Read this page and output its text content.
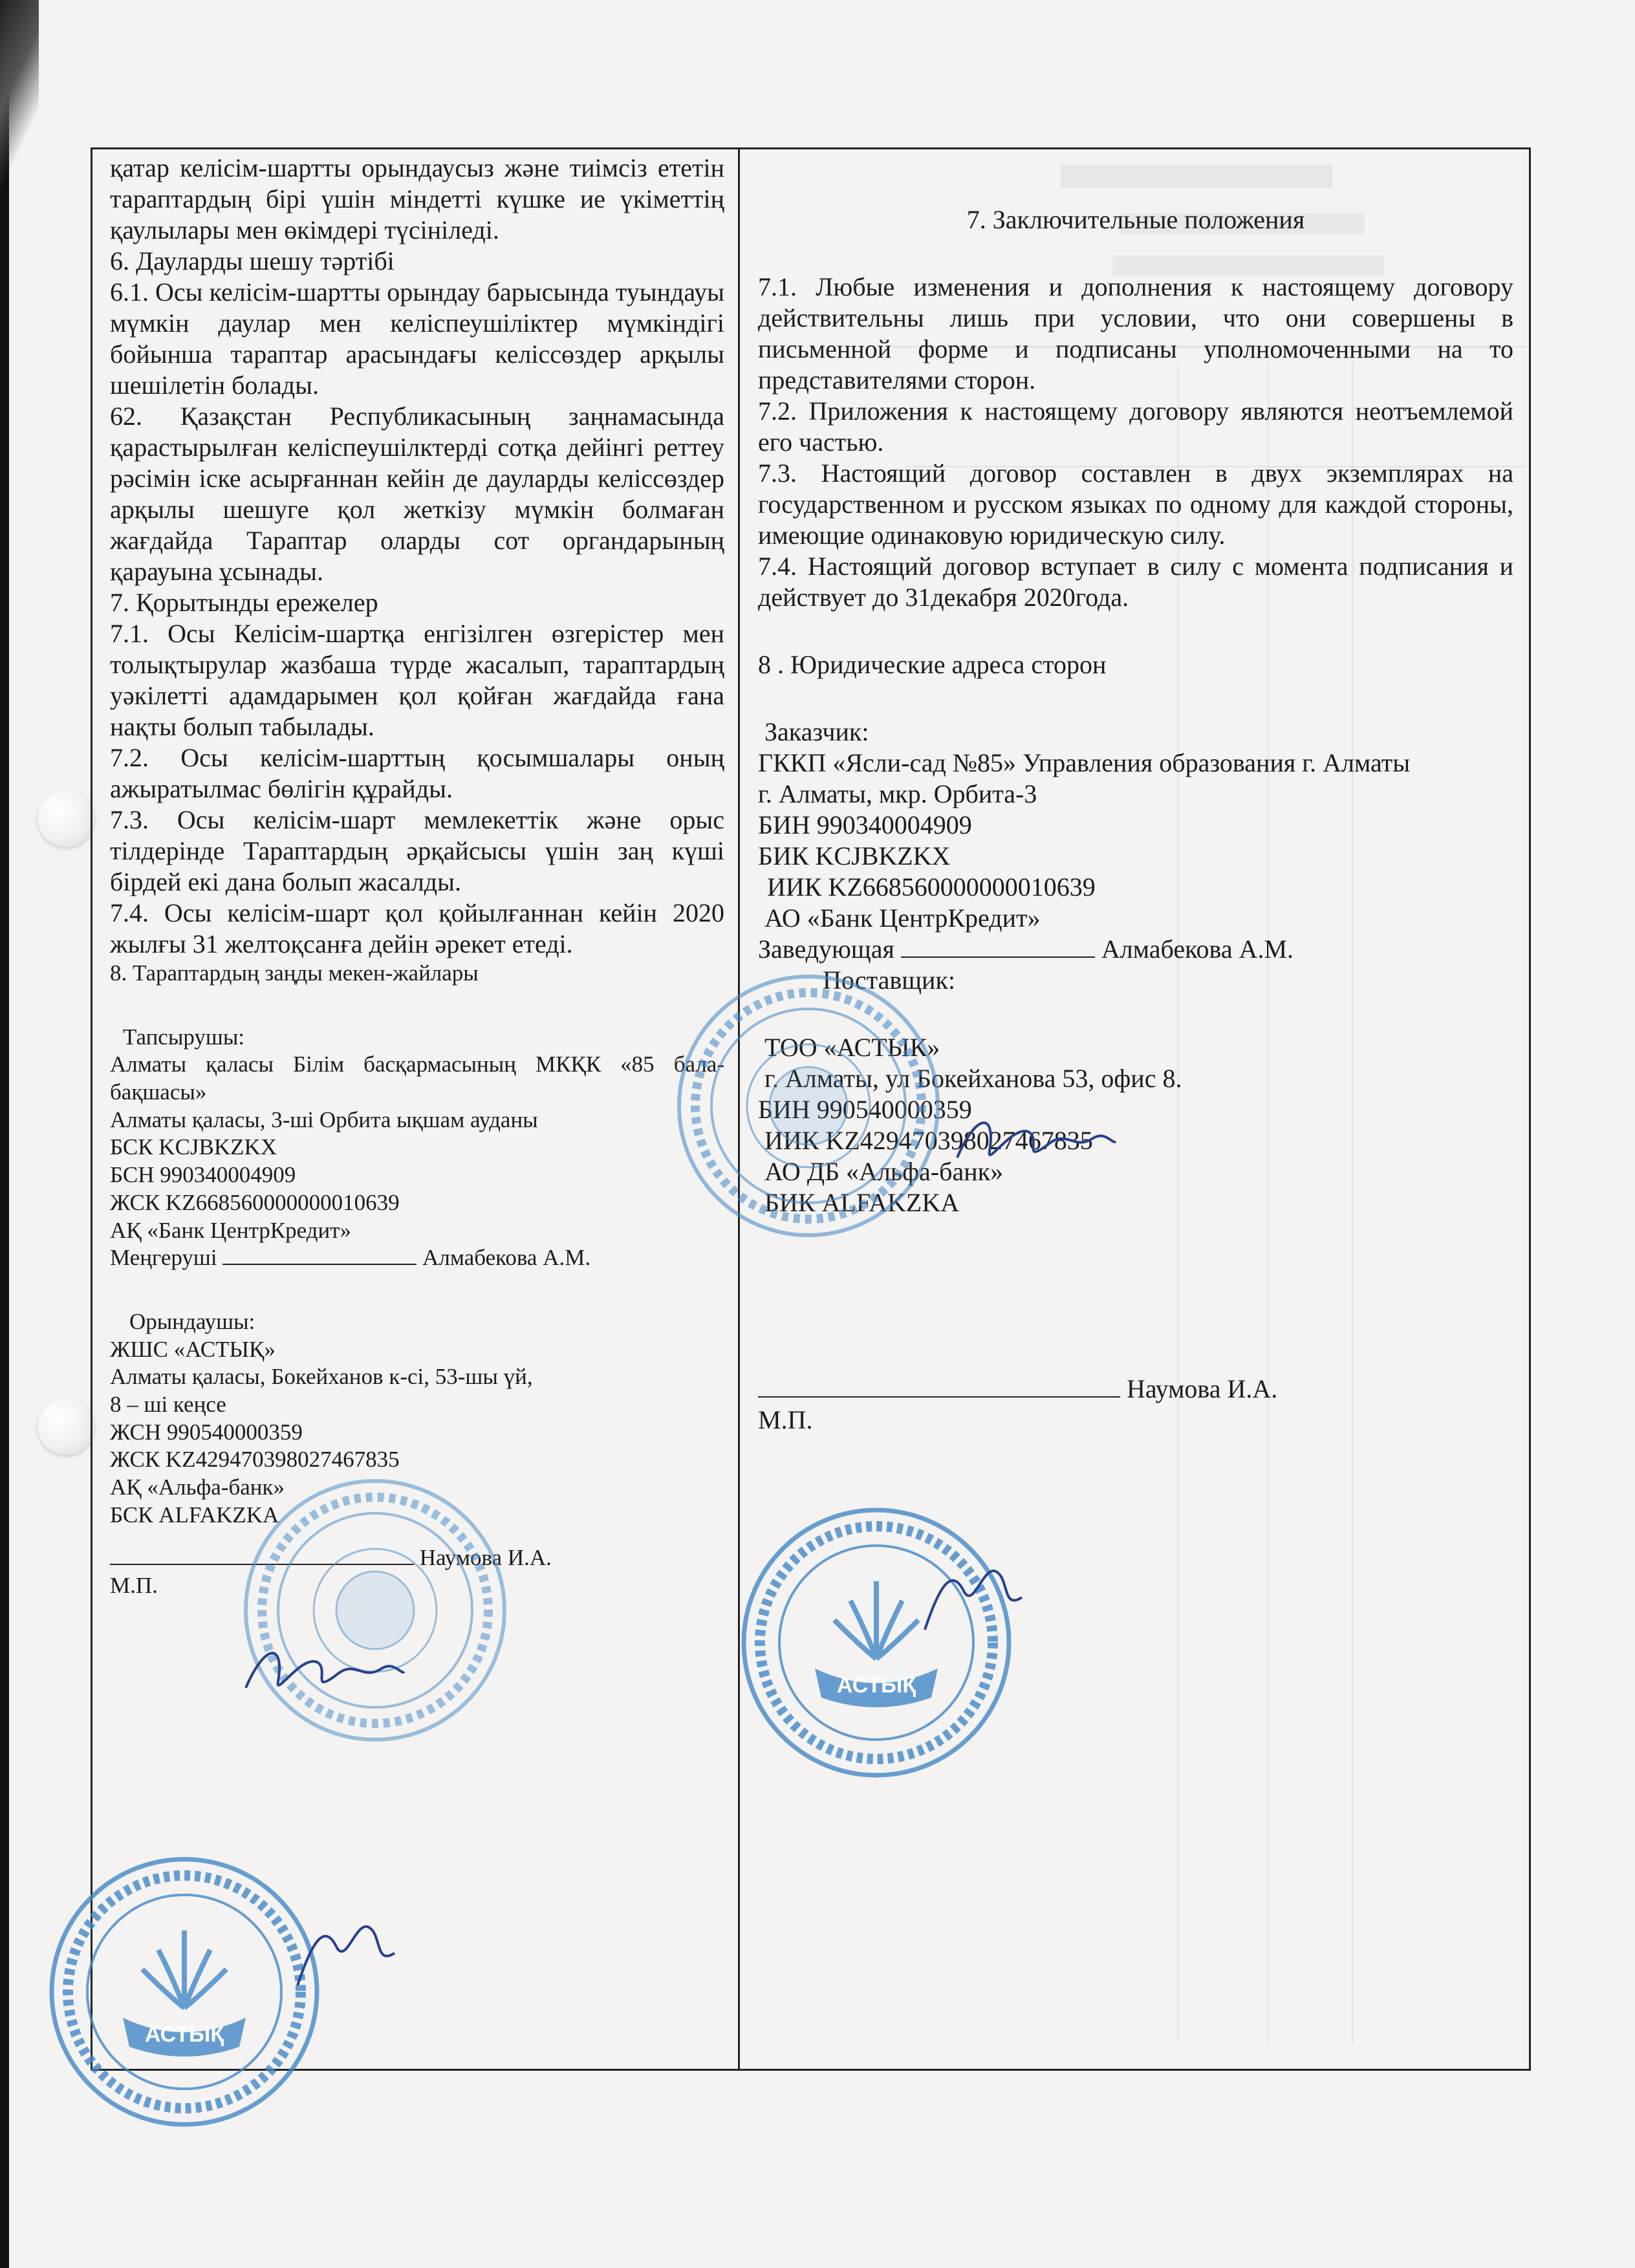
қатар келісім-шартты орындаусыз және тиімсіз ететін тараптардың бірі үшін міндетті күшке ие үкіметтің қаулылары мен өкімдері түсініледі.

6. Дауларды шешу тәртібі

6.1. Осы келісім-шартты орындау барысында туындауы мүмкін даулар мен келіспеушіліктер мүмкіндігі бойынша тараптар арасындағы келіссөздер арқылы шешілетін болады.

62. Қазақстан Республикасының заңнамасында қарастырылған келіспеушілктерді сотқа дейінгі реттеу рәсімін іске асырғаннан кейін де дауларды келіссөздер арқылы шешуге қол жеткізу мүмкін болмаған жағдайда Тараптар оларды сот органдарының қарауына ұсынады.

7. Қорытынды ережелер

7.1. Осы Келісім-шартқа енгізілген өзгерістер мен толықтырулар жазбаша түрде жасалып, тараптардың уәкілетті адамдарымен қол қойған жағдайда ғана нақты болып табылады.

7.2. Осы келісім-шарттың қосымшалары оның ажыратылмас бөлігін құрайды.

7.3. Осы келісім-шарт мемлекеттік және орыс тілдерінде Тараптардың әрқайсысы үшін заң күші бірдей екі дана болып жасалды.

7.4. Осы келісім-шарт қол қойылғаннан кейін 2020 жылғы 31 желтоқсанға дейін әрекет етеді.

8. Тараптардың заңды мекен-жайлары

Тапсырушы:
Алматы қаласы Білім басқармасының МКҚК «85 бала-бақшасы»
Алматы қаласы, 3-ші Орбита ықшам ауданы
БСК KCJBKZKX
БСН 990340004909
ЖСК KZ668560000000010639
АҚ «Банк ЦентрКредит»
Меңгеруші	Алмабекова А.М.
Орындаушы:
ЖШС «АСТЫҚ»
Алматы қаласы, Бокейханов к-сі, 53-шы үй,
8 – ші кеңсе
ЖСН 990540000359
ЖСК KZ429470398027467835
АҚ «Альфа-банк»
БСК ALFAKZKA
Наумова И.А.
М.П.

7. Заключительные положения

7.1. Любые изменения и дополнения к настоящему договору действительны лишь при условии, что они совершены в письменной форме и подписаны уполномоченными на то представителями сторон.

7.2. Приложения к настоящему договору являются неотъемлемой его частью.

7.3. Настоящий договор составлен в двух экземплярах на государственном и русском языках по одному для каждой стороны, имеющие одинаковую юридическую силу.

7.4. Настоящий договор вступает в силу с момента подписания и действует до 31декабря 2020года.

8 . Юридические адреса сторон

Заказчик:
ГККП «Ясли-сад №85» Управления образования г. Алматы
г. Алматы, мкр. Орбита-3
БИН 990340004909
БИК KCJBKZKX
ИИК KZ668560000000010639
АО «Банк ЦентрКредит»
Заведующая	Алмабекова А.М.
Поставщик:
ТОО «АСТЫК»
г. Алматы, ул Бокейханова 53, офис 8.
БИН 990540000359
ИИК KZ429470398027467835
АО ДБ «Альфа-банк»
БИК ALFAKZKA
Наумова И.А.
М.П.
АСТЫҚ
АСТЫҚ
